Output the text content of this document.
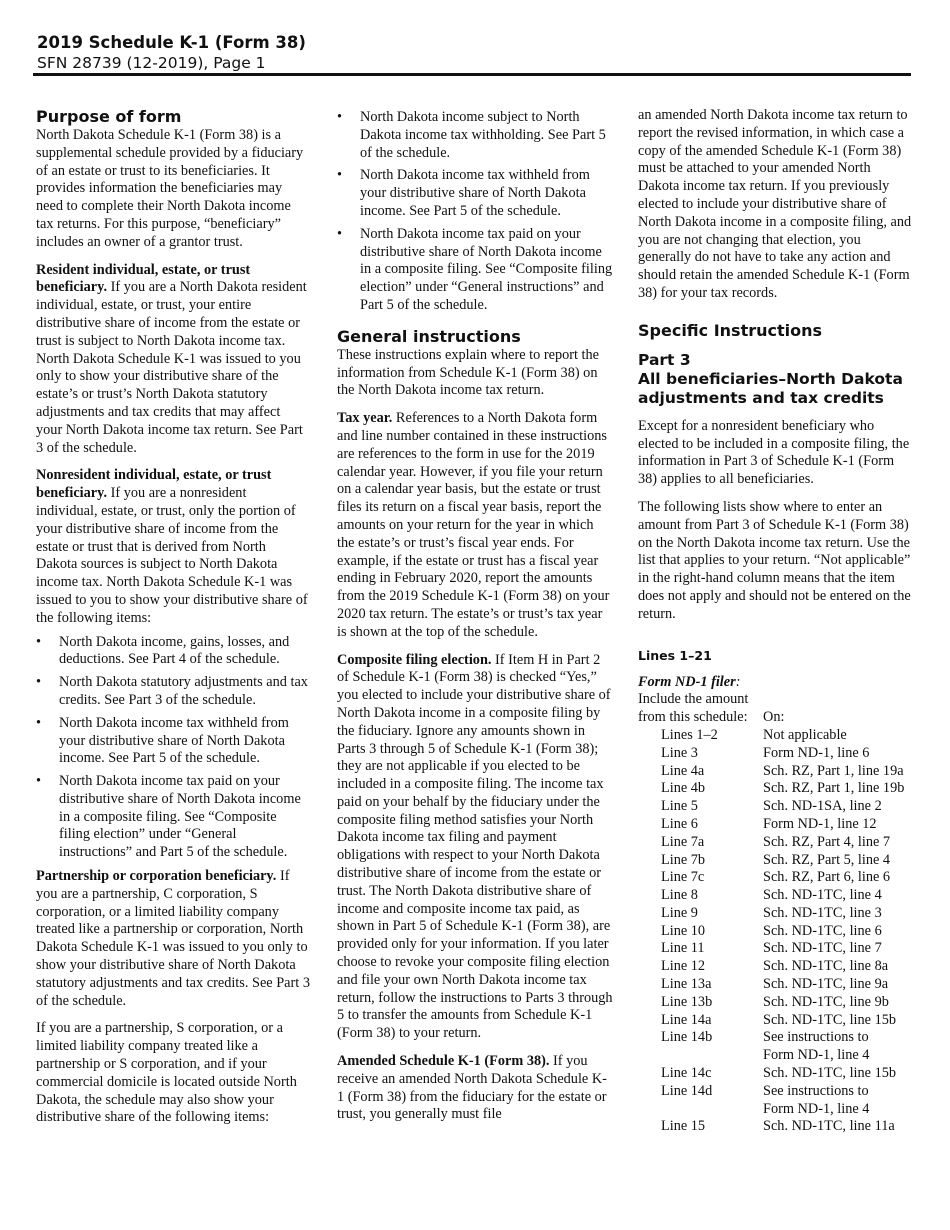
2019 Schedule K-1 (Form 38)
SFN 28739 (12-2019), Page 1
Purpose of form

North Dakota Schedule K-1 (Form 38) is a supplemental schedule provided by a fiduciary of an estate or trust to its beneficiaries. It provides information the beneficiaries may need to complete their North Dakota income tax returns. For this purpose, “beneficiary” includes an owner of a grantor trust.

Resident individual, estate, or trust beneficiary. If you are a North Dakota resident individual, estate, or trust, your entire distributive share of income from the estate or trust is subject to North Dakota income tax. North Dakota Schedule K-1 was issued to you only to show your distributive share of the estate’s or trust’s North Dakota statutory adjustments and tax credits that may affect your North Dakota income tax return. See Part 3 of the schedule.

Nonresident individual, estate, or trust beneficiary. If you are a nonresident individual, estate, or trust, only the portion of your distributive share of income from the estate or trust that is derived from North Dakota sources is subject to North Dakota income tax. North Dakota Schedule K-1 was issued to you to show your distributive share of the following items:

• North Dakota income, gains, losses, and deductions. See Part 4 of the schedule.
• North Dakota statutory adjustments and tax credits. See Part 3 of the schedule.
• North Dakota income tax withheld from your distributive share of North Dakota income. See Part 5 of the schedule.
• North Dakota income tax paid on your distributive share of North Dakota income in a composite filing. See “Composite filing election” under “General instructions” and Part 5 of the schedule.

Partnership or corporation beneficiary. If you are a partnership, C corporation, S corporation, or a limited liability company treated like a partnership or corporation, North Dakota Schedule K-1 was issued to you only to show your distributive share of North Dakota statutory adjustments and tax credits. See Part 3 of the schedule.

If you are a partnership, S corporation, or a limited liability company treated like a partnership or S corporation, and if your commercial domicile is located outside North Dakota, the schedule may also show your distributive share of the following items:

• North Dakota income subject to North Dakota income tax withholding. See Part 5 of the schedule.
• North Dakota income tax withheld from your distributive share of North Dakota income. See Part 5 of the schedule.
• North Dakota income tax paid on your distributive share of North Dakota income in a composite filing. See “Composite filing election” under “General instructions” and Part 5 of the schedule.
General instructions

These instructions explain where to report the information from Schedule K-1 (Form 38) on the North Dakota income tax return.

Tax year. References to a North Dakota form and line number contained in these instructions are references to the form in use for the 2019 calendar year. However, if you file your return on a calendar year basis, but the estate or trust files its return on a fiscal year basis, report the amounts on your return for the year in which the estate’s or trust’s fiscal year ends. For example, if the estate or trust has a fiscal year ending in February 2020, report the amounts from the 2019 Schedule K-1 (Form 38) on your 2020 tax return. The estate’s or trust’s tax year is shown at the top of the schedule.

Composite filing election. If Item H in Part 2 of Schedule K-1 (Form 38) is checked “Yes,” you elected to include your distributive share of North Dakota income in a composite filing by the fiduciary. Ignore any amounts shown in Parts 3 through 5 of Schedule K-1 (Form 38); they are not applicable if you elected to be included in a composite filing. The income tax paid on your behalf by the fiduciary under the composite filing method satisfies your North Dakota income tax filing and payment obligations with respect to your North Dakota distributive share of income from the estate or trust. The North Dakota distributive share of income and composite income tax paid, as shown in Part 5 of Schedule K-1 (Form 38), are provided only for your information. If you later choose to revoke your composite filing election and file your own North Dakota income tax return, follow the instructions to Parts 3 through 5 to transfer the amounts from Schedule K-1 (Form 38) to your return.

Amended Schedule K-1 (Form 38). If you receive an amended North Dakota Schedule K-1 (Form 38) from the fiduciary for the estate or trust, you generally must file

an amended North Dakota income tax return to report the revised information, in which case a copy of the amended Schedule K-1 (Form 38) must be attached to your amended North Dakota income tax return. If you previously elected to include your distributive share of North Dakota income in a composite filing, and you are not changing that election, you generally do not have to take any action and should retain the amended Schedule K-1 (Form 38) for your tax records.

Specific Instructions
Part 3
All beneficiaries–North Dakota adjustments and tax credits

Except for a nonresident beneficiary who elected to be included in a composite filing, the information in Part 3 of Schedule K-1 (Form 38) applies to all beneficiaries.

The following lists show where to enter an amount from Part 3 of Schedule K-1 (Form 38) on the North Dakota income tax return. Use the list that applies to your return. “Not applicable” in the right-hand column means that the item does not apply and should not be entered on the return.

Lines 1–21

Form ND-1 filer:

Include the amount

from this schedule:	On:
Lines 1–2	Not applicable

Line 3	Form ND-1, line 6

Line 4a	Sch. RZ, Part 1, line 19a

Line 4b	Sch. RZ, Part 1, line 19b

Line 5	Sch. ND-1SA, line 2

Line 6	Form ND-1, line 12

Line 7a	Sch. RZ, Part 4, line 7

Line 7b	Sch. RZ, Part 5, line 4

Line 7c	Sch. RZ, Part 6, line 6

Line 8	Sch. ND-1TC, line 4

Line 9	Sch. ND-1TC, line 3

Line 10	Sch. ND-1TC, line 6

Line 11	Sch. ND-1TC, line 7

Line 12	Sch. ND-1TC, line 8a

Line 13a	Sch. ND-1TC, line 9a

Line 13b	Sch. ND-1TC, line 9b

Line 14a	Sch. ND-1TC, line 15b

Line 14b	See instructions to
Form ND-1, line 4

Line 14c	Sch. ND-1TC, line 15b

Line 14d	See instructions to
Form ND-1, line 4

Line 15	Sch. ND-1TC, line 11a
